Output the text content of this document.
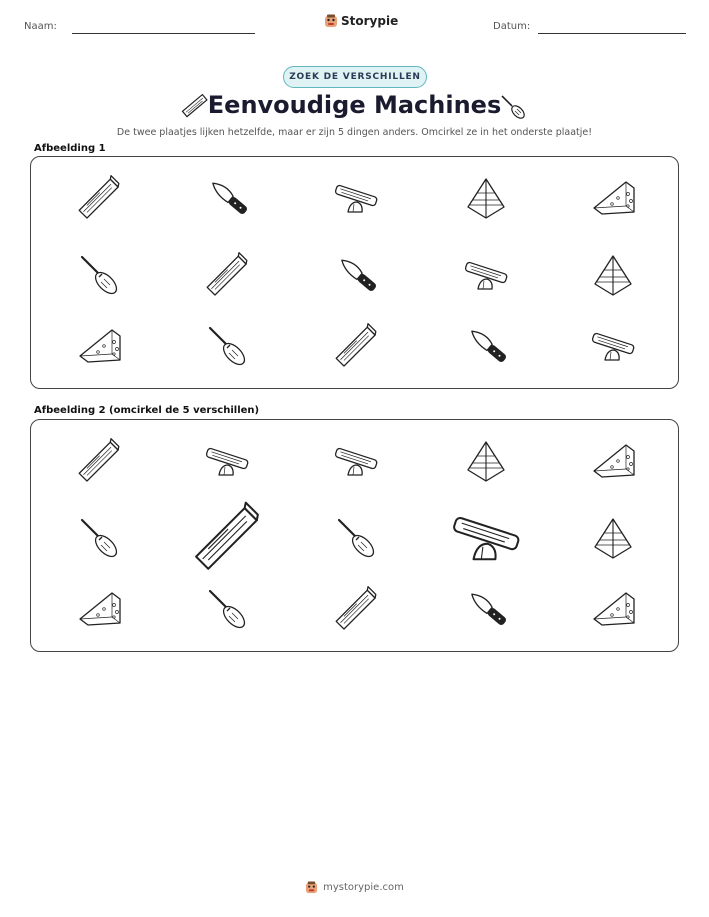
Naam:	Storypie	Datum:
ZOEK DE VERSCHILLEN
Eenvoudige Machines
De twee plaatjes lijken hetzelfde, maar er zijn 5 dingen anders. Omcirkel ze in het onderste plaatje!
Afbeelding 1
Afbeelding 2 (omcirkel de 5 verschillen)
mystorypie.com
